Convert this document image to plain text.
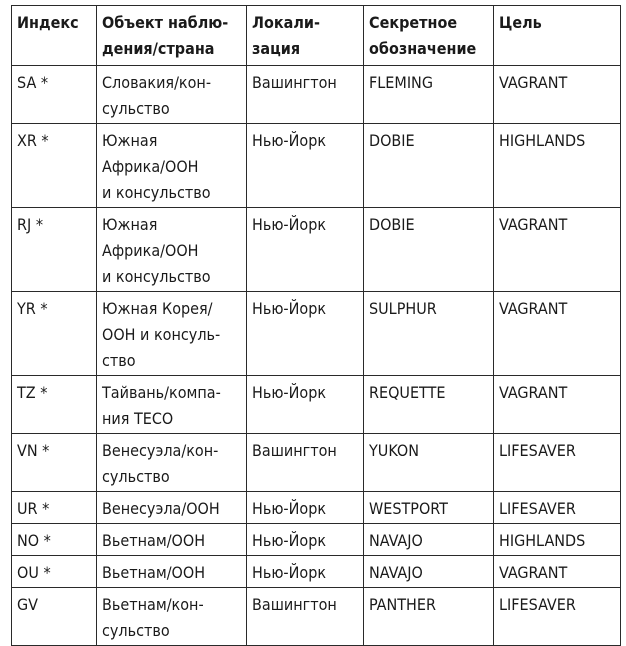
Индекс	Объект наблю-
дения/страна	Локали-
зация	Секретное
обозначение	Цель
SA *	Словакия/кон-
сульство	Вашингтон	FLEMING	VAGRANT
XR *	Южная
Африка/ООН
и консульство	Нью-Йорк	DOBIE	HIGHLANDS
RJ *	Южная
Африка/ООН
и консульство	Нью-Йорк	DOBIE	VAGRANT
YR *	Южная Корея/
ООН и консуль-
ство	Нью-Йорк	SULPHUR	VAGRANT
TZ *	Тайвань/компа-
ния ТЕСО	Нью-Йорк	REQUETTE	VAGRANT
VN *	Венесуэла/кон-
сульство	Вашингтон	YUKON	LIFESAVER
UR *	Венесуэла/ООН	Нью-Йорк	WESTPORT	LIFESAVER
NO *	Вьетнам/ООН	Нью-Йорк	NAVAJO	HIGHLANDS
OU *	Вьетнам/ООН	Нью-Йорк	NAVAJO	VAGRANT
GV	Вьетнам/кон-
сульство	Вашингтон	PANTHER	LIFESAVER
